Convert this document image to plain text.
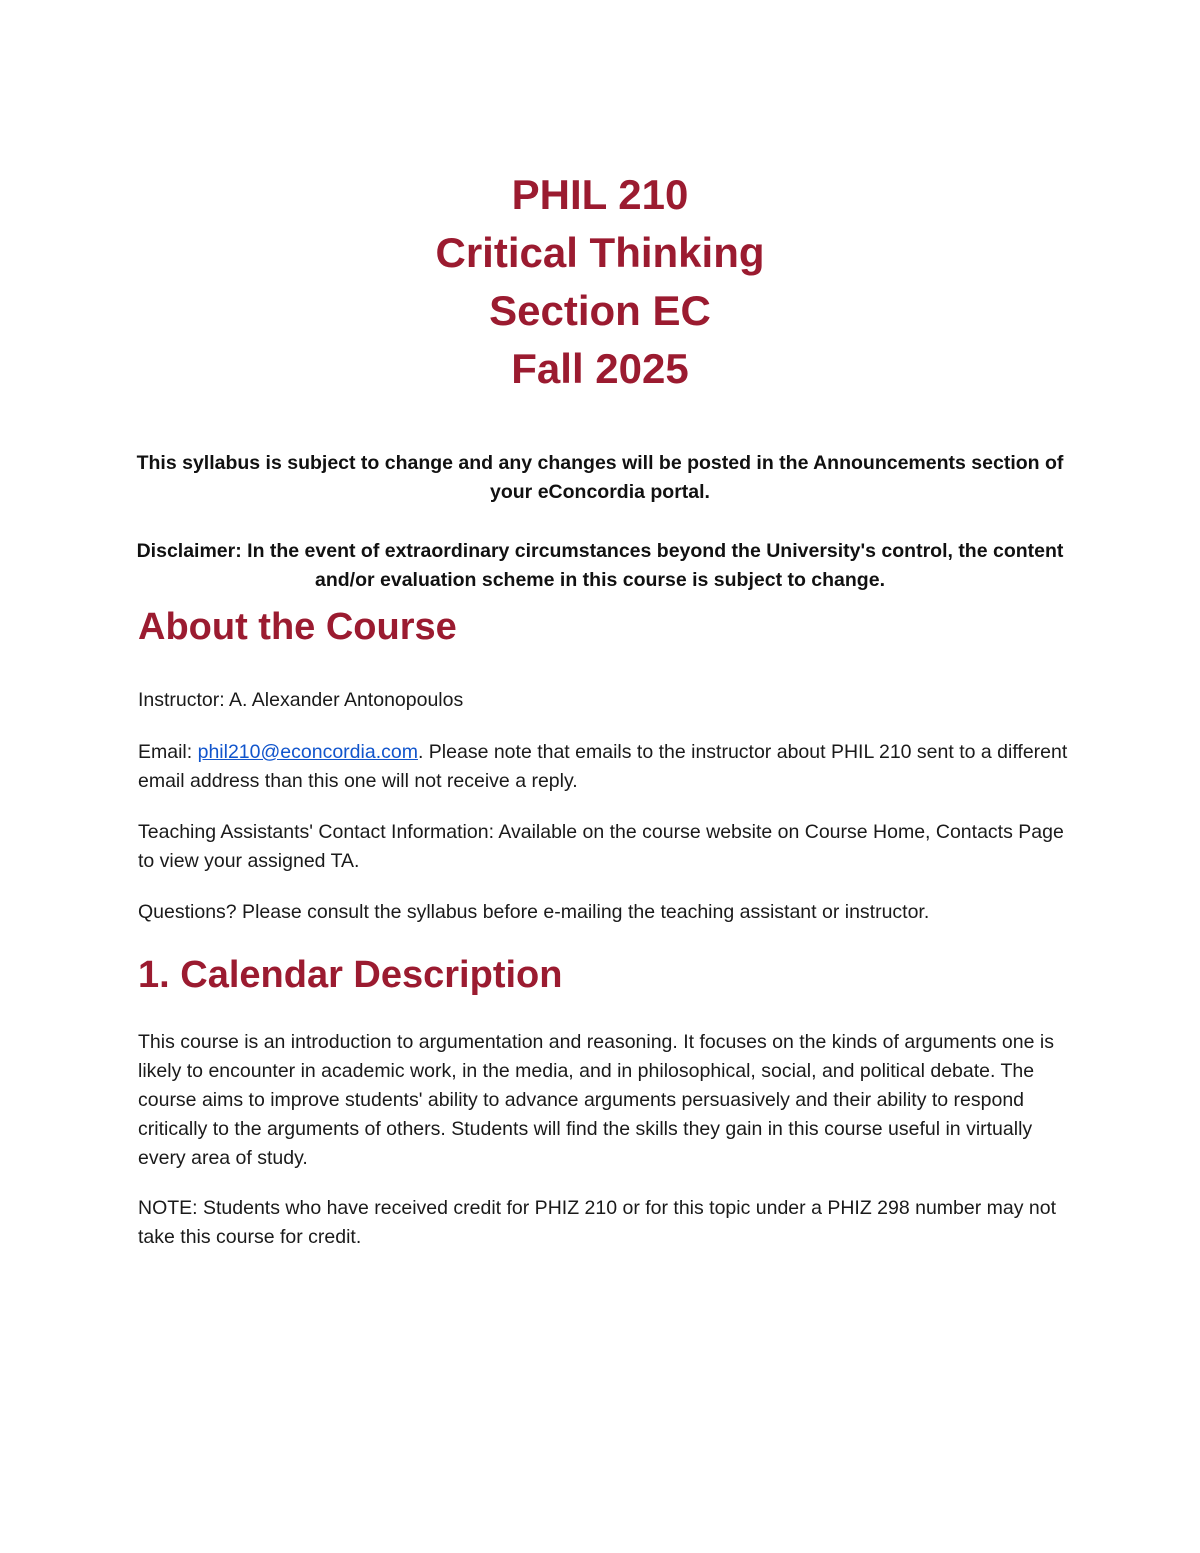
PHIL 210
Critical Thinking
Section EC
Fall 2025

This syllabus is subject to change and any changes will be posted in the Announcements section of your eConcordia portal.

Disclaimer: In the event of extraordinary circumstances beyond the University's control, the content and/or evaluation scheme in this course is subject to change.

About the Course

Instructor: A. Alexander Antonopoulos

Email: phil210@econcordia.com. Please note that emails to the instructor about PHIL 210 sent to a different email address than this one will not receive a reply.

Teaching Assistants' Contact Information: Available on the course website on Course Home, Contacts Page to view your assigned TA.

Questions? Please consult the syllabus before e-mailing the teaching assistant or instructor.

1. Calendar Description

This course is an introduction to argumentation and reasoning. It focuses on the kinds of arguments one is likely to encounter in academic work, in the media, and in philosophical, social, and political debate. The course aims to improve students' ability to advance arguments persuasively and their ability to respond critically to the arguments of others. Students will find the skills they gain in this course useful in virtually every area of study.

NOTE: Students who have received credit for PHIZ 210 or for this topic under a PHIZ 298 number may not take this course for credit.
